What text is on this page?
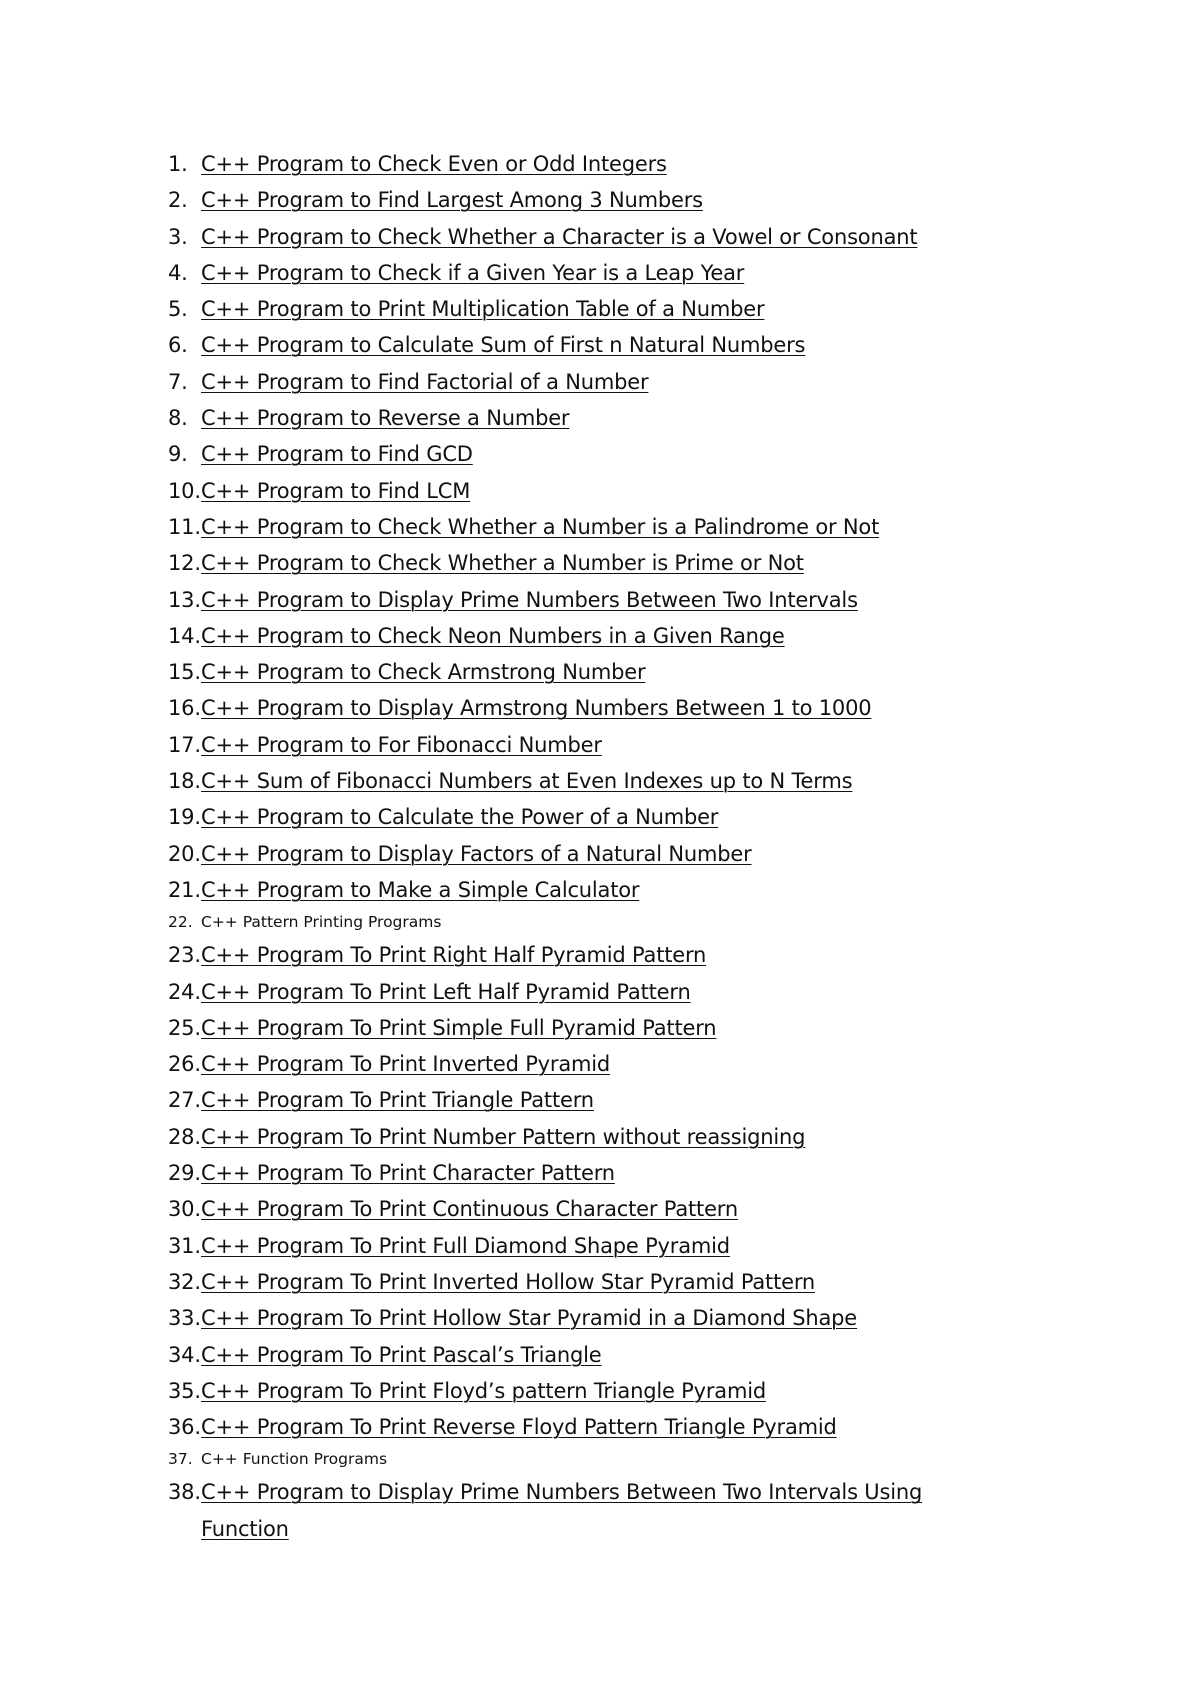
1. C++ Program to Check Even or Odd Integers
2. C++ Program to Find Largest Among 3 Numbers
3. C++ Program to Check Whether a Character is a Vowel or Consonant
4. C++ Program to Check if a Given Year is a Leap Year
5. C++ Program to Print Multiplication Table of a Number
6. C++ Program to Calculate Sum of First n Natural Numbers
7. C++ Program to Find Factorial of a Number
8. C++ Program to Reverse a Number
9. C++ Program to Find GCD
10. C++ Program to Find LCM
11. C++ Program to Check Whether a Number is a Palindrome or Not
12. C++ Program to Check Whether a Number is Prime or Not
13. C++ Program to Display Prime Numbers Between Two Intervals
14. C++ Program to Check Neon Numbers in a Given Range
15. C++ Program to Check Armstrong Number
16. C++ Program to Display Armstrong Numbers Between 1 to 1000
17. C++ Program to For Fibonacci Number
18. C++ Sum of Fibonacci Numbers at Even Indexes up to N Terms
19. C++ Program to Calculate the Power of a Number
20. C++ Program to Display Factors of a Natural Number
21. C++ Program to Make a Simple Calculator
22. C++ Pattern Printing Programs
23. C++ Program To Print Right Half Pyramid Pattern
24. C++ Program To Print Left Half Pyramid Pattern
25. C++ Program To Print Simple Full Pyramid Pattern
26. C++ Program To Print Inverted Pyramid
27. C++ Program To Print Triangle Pattern
28. C++ Program To Print Number Pattern without reassigning
29. C++ Program To Print Character Pattern
30. C++ Program To Print Continuous Character Pattern
31. C++ Program To Print Full Diamond Shape Pyramid
32. C++ Program To Print Inverted Hollow Star Pyramid Pattern
33. C++ Program To Print Hollow Star Pyramid in a Diamond Shape
34. C++ Program To Print Pascal’s Triangle
35. C++ Program To Print Floyd’s pattern Triangle Pyramid
36. C++ Program To Print Reverse Floyd Pattern Triangle Pyramid
37. C++ Function Programs
38. C++ Program to Display Prime Numbers Between Two Intervals Using Function
